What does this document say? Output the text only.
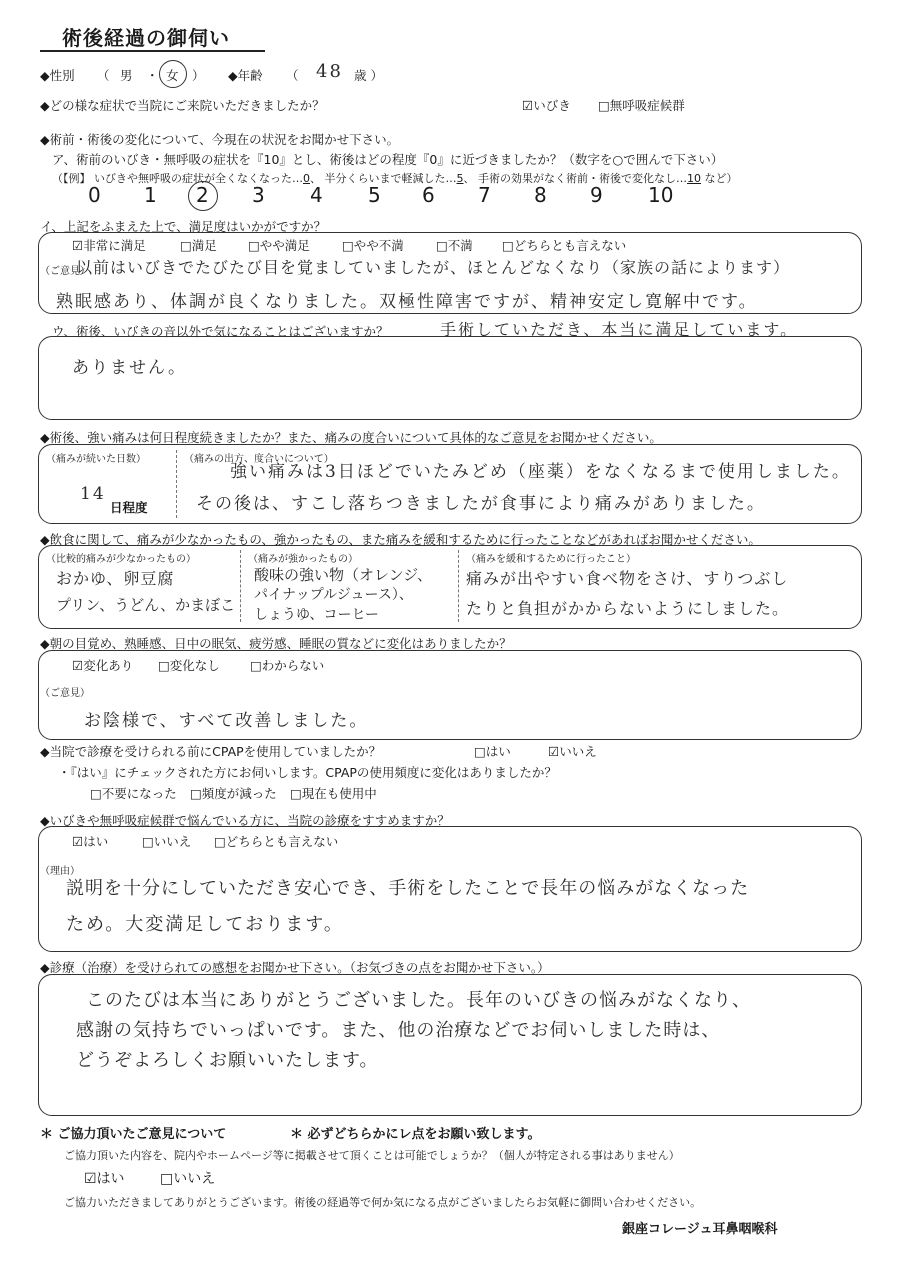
術後経過の御伺い
◆性別 （ 男 ・ 女 ） ◆年齢 （ 48 歳 ）
◆どの様な症状で当院にご来院いただきましたか？	☑いびき □無呼吸症候群
◆術前・術後の変化について、今現在の状況をお聞かせ下さい。
ア、術前のいびき・無呼吸の症状を『10』とし、術後はどの程度『0』に近づきましたか？（数字を○で囲んで下さい）
（【例】 いびきや無呼吸の症状が全くなくなった…0、 半分くらいまで軽減した…5、 手術の効果がなく術前・術後で変化なし…10 など）
0 1 2 3 4 5 6 7 8 9 10
イ、上記をふまえた上で、満足度はいかがですか？
☑非常に満足	□満足 □やや満足	□やや不満	□不満 □どちらとも言えない
（ご意見）
以前はいびきでたびたび目を覚ましていましたが、ほとんどなくなり（家族の話によります）
熟眠感あり、体調が良くなりました。双極性障害ですが、精神安定し寛解中です。
手術していただき、本当に満足しています。
ウ、術後、いびきの音以外で気になることはございますか？
ありません。
◆術後、強い痛みは何日程度続きましたか？また、痛みの度合いについて具体的なご意見をお聞かせください。
（痛みが続いた日数）
14
日程度
（痛みの出方、度合いについて）
強い痛みは3日ほどでいたみどめ（座薬）をなくなるまで使用しました。
その後は、すこし落ちつきましたが食事により痛みがありました。
◆飲食に関して、痛みが少なかったもの、強かったもの、また痛みを緩和するために行ったことなどがあればお聞かせください。
（比較的痛みが少なかったもの）
おかゆ、卵豆腐
プリン、うどん、かまぼこ
（痛みが強かったもの）
酸味の強い物（オレンジ、
パイナップルジュース）、
しょうゆ、コーヒー
（痛みを緩和するために行ったこと）
痛みが出やすい食べ物をさけ、すりつぶし
たりと負担がかからないようにしました。
◆朝の目覚め、熟睡感、日中の眠気、疲労感、睡眠の質などに変化はありましたか？
☑変化あり □変化なし □わからない
（ご意見）
お陰様で、すべて改善しました。
◆当院で診療を受けられる前にCPAPを使用していましたか？	□はい	☑いいえ
・『はい』にチェックされた方にお伺いします。CPAPの使用頻度に変化はありましたか？
□不要になった □頻度が減った □現在も使用中
◆いびきや無呼吸症候群で悩んでいる方に、当院の診療をすすめますか？
☑はい	□いいえ □どちらとも言えない
（理由）
説明を十分にしていただき安心でき、手術をしたことで長年の悩みがなくなった
ため。大変満足しております。
◆診療（治療）を受けられての感想をお聞かせ下さい。（お気づきの点をお聞かせ下さい。）
このたびは本当にありがとうございました。長年のいびきの悩みがなくなり、
感謝の気持ちでいっぱいです。また、他の治療などでお伺いしました時は、
どうぞよろしくお願いいたします。
＊ ご協力頂いたご意見について	＊ 必ずどちらかにレ点をお願い致します。
ご協力頂いた内容を、院内やホームページ等に掲載させて頂くことは可能でしょうか？（個人が特定される事はありません）
☑はい	□いいえ
ご協力いただきましてありがとうございます。術後の経過等で何か気になる点がございましたらお気軽に御問い合わせください。
銀座コレージュ耳鼻咽喉科
